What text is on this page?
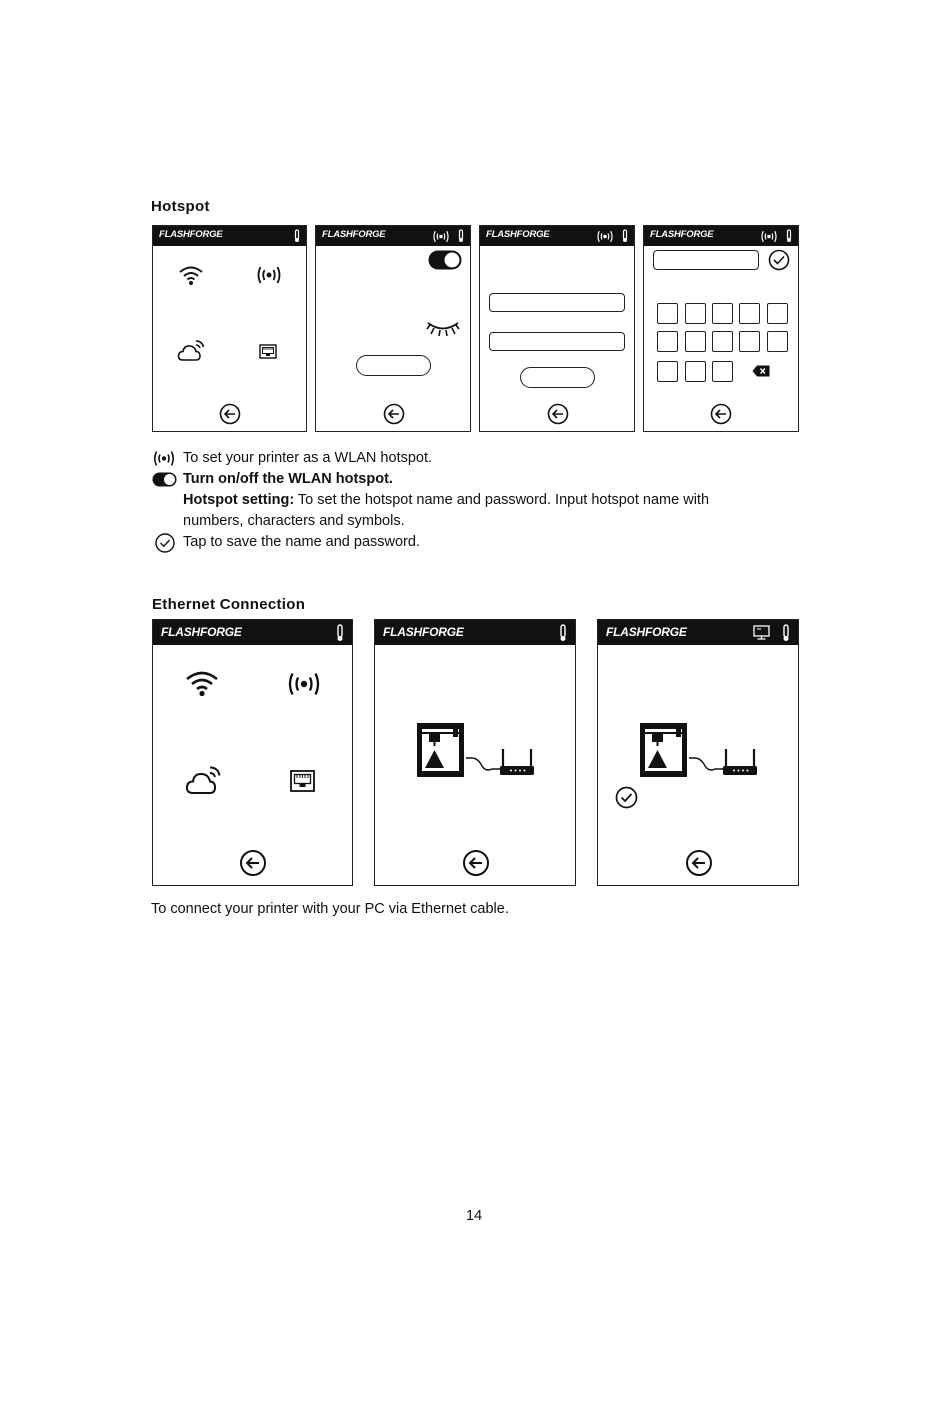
Hotspot
FLASHFORGE	FLASHFORGE	FLASHFORGE	FLASHFORGE
To set your printer as a WLAN hotspot.
Turn on/off the WLAN hotspot.
Hotspot setting: To set the hotspot name and password. Input hotspot name with
numbers, characters and symbols.
Tap to save the name and password.
Ethernet Connection
FLASHFORGE	FLASHFORGE	FLASHFORGE
To connect your printer with your PC via Ethernet cable.
14
